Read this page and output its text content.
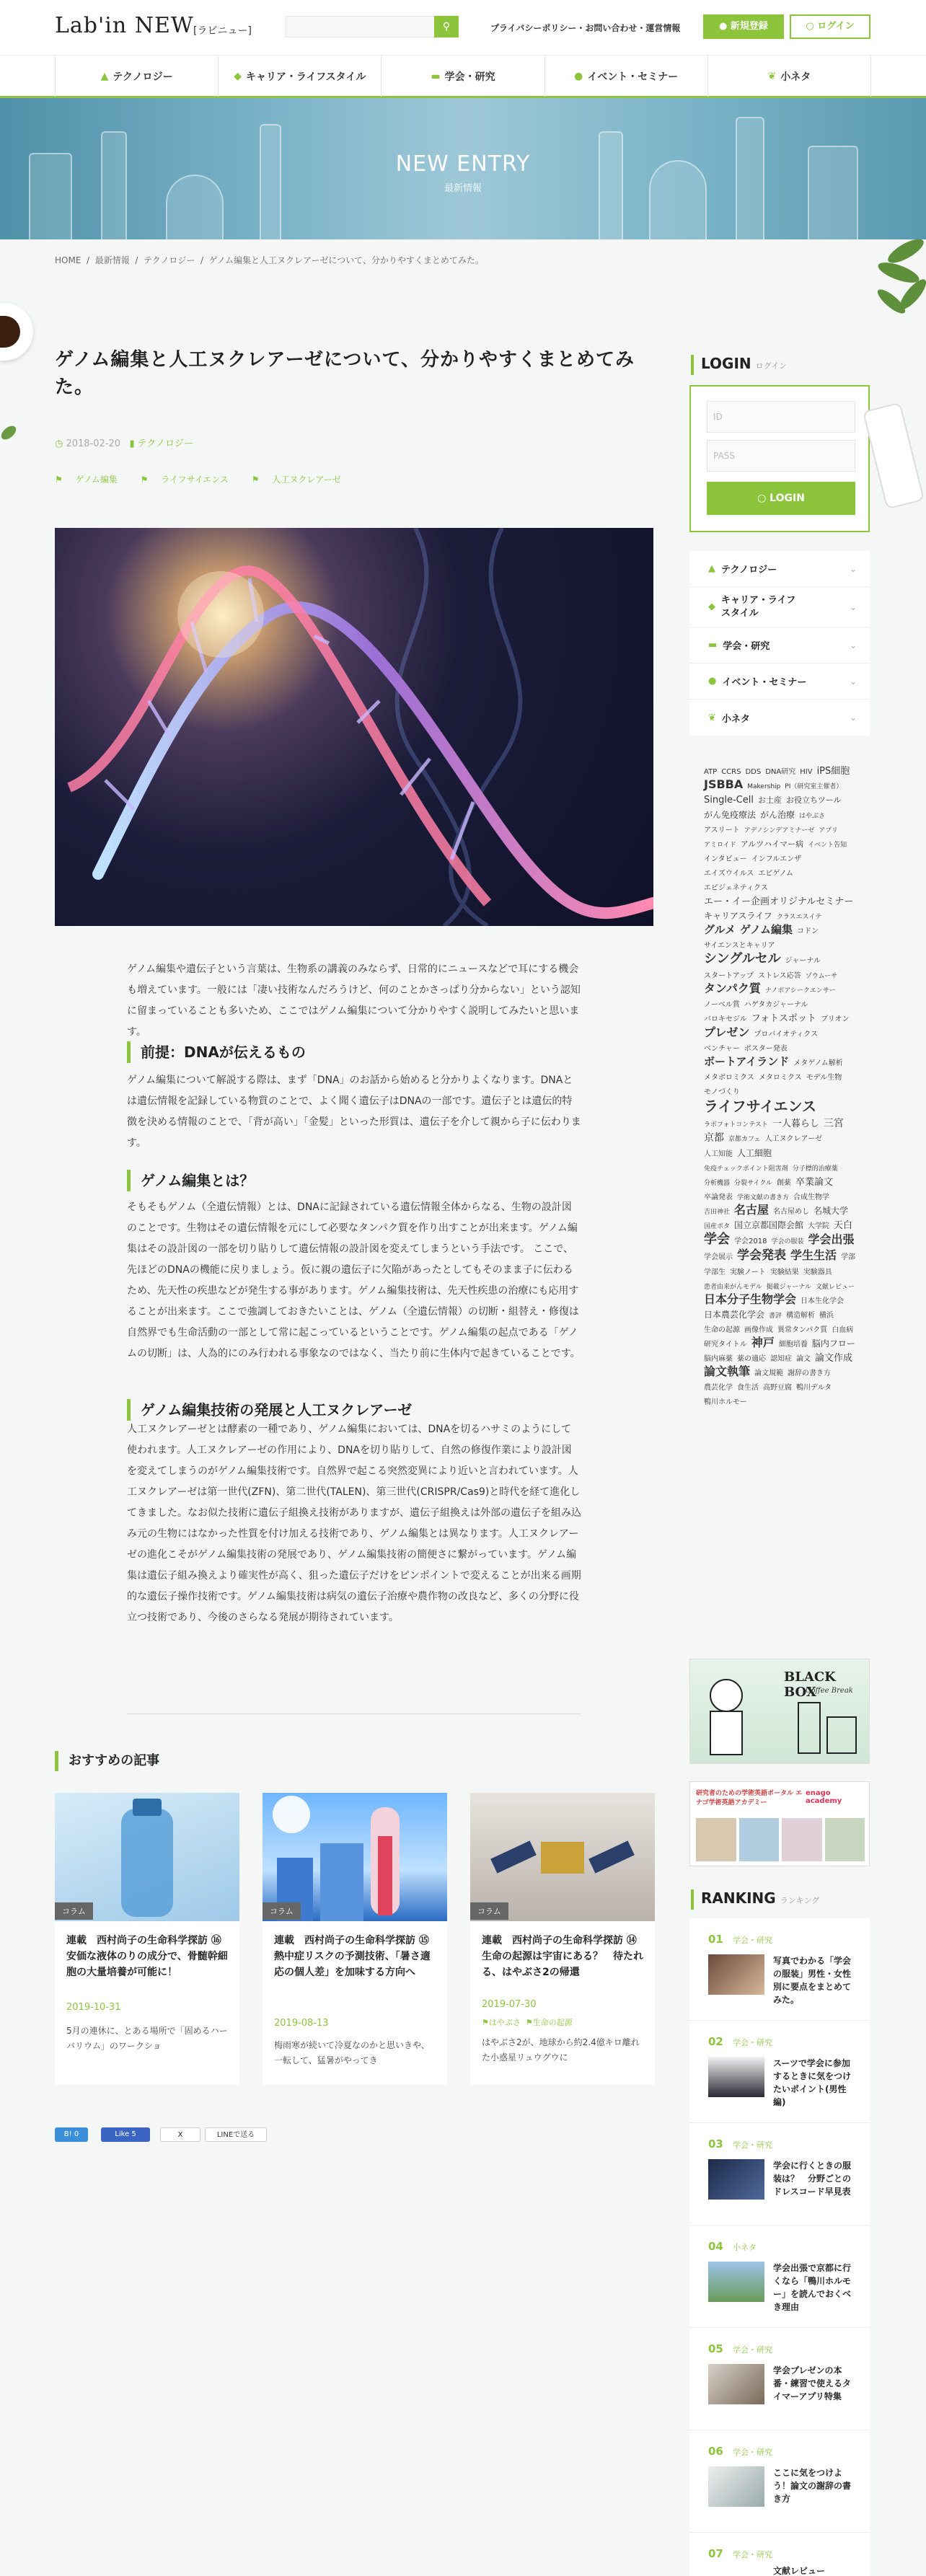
Lab'in NEW [ラビニュー]	⚲	プライバシーポリシー・お問い合わせ・運営情報	● 新規登録	○ ログイン
▲ テクノロジー	◆ キャリア・ライフスタイル	▬ 学会・研究	● イベント・セミナー	❦ 小ネタ
NEW ENTRY
最新情報
HOME  /  最新情報  /  テクノロジー  /  ゲノム編集と人工ヌクレアーゼについて、分かりやすくまとめてみた。
ゲノム編集と人工ヌクレアーゼについて、分かりやすくまとめてみた。
◷ 2018-02-20 ▮ テクノロジー
⚑ ゲノム編集	⚑ ライフサイエンス	⚑ 人工ヌクレアーゼ
ゲノム編集や遺伝子という言葉は、生物系の講義のみならず、日常的にニュースなどで耳にする機会も増えています。一般には「凄い技術なんだろうけど、何のことかさっぱり分からない」という認知に留まっていることも多いため、ここではゲノム編集について分かりやすく説明してみたいと思います。
前提：DNAが伝えるもの
ゲノム編集について解説する際は、まず「DNA」のお話から始めると分かりよくなります。DNAとは遺伝情報を記録している物質のことで、よく聞く遺伝子はDNAの一部です。遺伝子とは遺伝的特徴を決める情報のことで、「背が高い」「金髪」といった形質は、遺伝子を介して親から子に伝わります。
ゲノム編集とは？
そもそもゲノム（全遺伝情報）とは、DNAに記録されている遺伝情報全体からなる、生物の設計図のことです。生物はその遺伝情報を元にして必要なタンパク質を作り出すことが出来ます。ゲノム編集はその設計図の一部を切り貼りして遺伝情報の設計図を変えてしまうという手法です。 ここで、先ほどのDNAの機能に戻りましょう。仮に親の遺伝子に欠陥があったとしてもそのまま子に伝わるため、先天性の疾患などが発生する事があります。ゲノム編集技術は、先天性疾患の治療にも応用することが出来ます。ここで強調しておきたいことは、ゲノム（全遺伝情報）の切断・組替え・修復は自然界でも生命活動の一部として常に起こっているということです。ゲノム編集の起点である「ゲノムの切断」は、人為的にのみ行われる事象なのではなく、当たり前に生体内で起きていることです。
ゲノム編集技術の発展と人工ヌクレアーゼ
人工ヌクレアーゼとは酵素の一種であり、ゲノム編集においては、DNAを切るハサミのようにして使われます。人工ヌクレアーゼの作用により、DNAを切り貼りして、自然の修復作業により設計図を変えてしまうのがゲノム編集技術です。自然界で起こる突然変異により近いと言われています。人工ヌクレアーゼは第一世代(ZFN)、第二世代(TALEN)、第三世代(CRISPR/Cas9)と時代を経て進化してきました。なお似た技術に遺伝子組換え技術がありますが、遺伝子組換えは外部の遺伝子を組み込み元の生物にはなかった性質を付け加える技術であり、ゲノム編集とは異なります。人工ヌクレアーゼの進化こそがゲノム編集技術の発展であり、ゲノム編集技術の簡便さに繋がっています。ゲノム編集は遺伝子組み換えより確実性が高く、狙った遺伝子だけをピンポイントで変えることが出来る画期的な遺伝子操作技術です。ゲノム編集技術は病気の遺伝子治療や農作物の改良など、多くの分野に役立つ技術であり、今後のさらなる発展が期待されています。
おすすめの記事
コラム
連載　西村尚子の生命科学探訪 ⑯ 安価な液体のりの成分で、骨髄幹細胞の大量培養が可能に！
2019-10-31
5月の連休に、とある場所で「固めるハーバリウム」のワークショ
コラム
連載　西村尚子の生命科学探訪 ⑮ 熱中症リスクの予測技術、「暑さ適応の個人差」を加味する方向へ
2019-08-13
梅雨寒が続いて冷夏なのかと思いきや、一転して、猛暑がやってき
コラム
連載　西村尚子の生命科学探訪 ⑭ 生命の起源は宇宙にある？　待たれる、はやぶさ2の帰還
2019-07-30
⚑はやぶさ ⚑生命の起源
はやぶさ2が、地球から約2.4億キロ離れた小惑星リュウグウに
B! 0	Like 5	X	LINEで送る
LOGIN ログイン
ID
PASS
○ LOGIN
▲ テクノロジー	⌄
◆
キャリア・ライフスタイル
⌄
▬ 学会・研究	⌄
● イベント・セミナー	⌄
❦ 小ネタ	⌄
ATP CCRS DDS DNA研究 HIV iPS細胞JSBBA Makership PI（研究室主催者）Single-Cell お土産 お役立ちツールがん免疫療法 がん治療 はやぶさアスリート アデノシンデアミナーゼ アプリアミロイド アルツハイマー病 イベント告知インタビュー インフルエンザエイズウイルス エピゲノムエピジェネティクスエー・イー企画オリジナルセミナーキャリアスライフ クラスエスイテグルメ ゲノム編集 コドンサイエンスとキャリアシングルセル ジャーナルスタートアップ ストレス応答 ゾウムーサタンパク質 ナノポアシークエンサーノーベル賞 ハゲタカジャーナルバロキセジル フォトスポット ブリオンプレゼン プロバイオティクスベンチャー ポスター発表ボートアイランド メタゲノム解析メタボロミクス メタロミクス モデル生物モノづくりライフサイエンスラボフォトコンテスト 一人暮らし 三宮京都 京都カフェ 人工ヌクレアーゼ人工知能 人工細胞免疫チェックポイント阻害剤 分子標的治療薬分析機器 分裂サイクル 創薬 卒業論文卒論発表 学術文献の書き方 合成生物学吉田神社 名古屋 名古屋めし 名城大学国産ボタ 国立京都国際会館 大学院 天白学会 学会2018 学会の服装 学会出張学会展示 学会発表 学生生活 学部学部生 実験ノート 実験結果 実験器具患者由来がんモデル 掲載ジャーナル 文献レビュー日本分子生物学会 日本生化学会日本農芸化学会 書評 構造解析 横浜生命の起源 画像作成 異常タンパク質 白血病研究タイトル 神戸 細胞培養 脳内フロー脳内麻薬 薬の適応 認知症 論文 論文作成論文執筆 論文規範 謝辞の書き方農芸化学 食生活 高野豆腐 鴨川デルタ鴨川ホルモー
BLACK BOX
Coffee Break
研究者のための学術英語ポータル エナゴ学術英語アカデミー
enago academy
RANKING ランキング
01 学会・研究
写真でわかる「学会の服装」男性・女性別に要点をまとめてみた。
02 学会・研究
スーツで学会に参加するときに気をつけたいポイント(男性編)
03 学会・研究
学会に行くときの服装は？　分野ごとのドレスコード早見表
04 小ネタ
学会出張で京都に行くなら「鴨川ホルモー」を読んでおくべき理由
05 学会・研究
学会プレゼンの本番・練習で使えるタイマーアプリ特集
06 学会・研究
ここに気をつけよう！論文の謝辞の書き方
07 学会・研究
文献レビュー
